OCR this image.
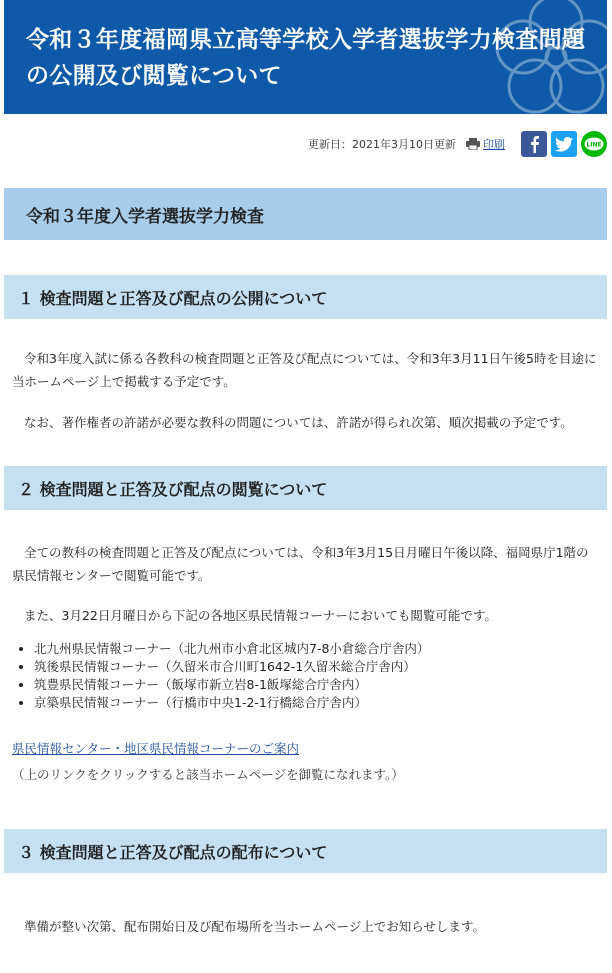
令和３年度福岡県立高等学校入学者選抜学力検査問題の公開及び閲覧について
更新日：2021年3月10日更新 印刷	LINE
令和３年度入学者選抜学力検査
１ 検査問題と正答及び配点の公開について

令和3年度入試に係る各教科の検査問題と正答及び配点については、令和3年3月11日午後5時を目途に当ホームページ上で掲載する予定です。

なお、著作権者の許諾が必要な教科の問題については、許諾が得られ次第、順次掲載の予定です。

２ 検査問題と正答及び配点の閲覧について

全ての教科の検査問題と正答及び配点については、令和3年3月15日月曜日午後以降、福岡県庁1階の県民情報センターで閲覧可能です。

また、3月22日月曜日から下記の各地区県民情報コーナーにおいても閲覧可能です。

• 北九州県民情報コーナー（北九州市小倉北区城内7-8小倉総合庁舎内）
• 筑後県民情報コーナー（久留米市合川町1642-1久留米総合庁舎内）
• 筑豊県民情報コーナー（飯塚市新立岩8-1飯塚総合庁舎内）
• 京築県民情報コーナー（行橋市中央1-2-1行橋総合庁舎内）
県民情報センター・地区県民情報コーナーのご案内

（上のリンクをクリックすると該当ホームページを御覧になれます。）

３ 検査問題と正答及び配点の配布について

準備が整い次第、配布開始日及び配布場所を当ホームページ上でお知らせします。
